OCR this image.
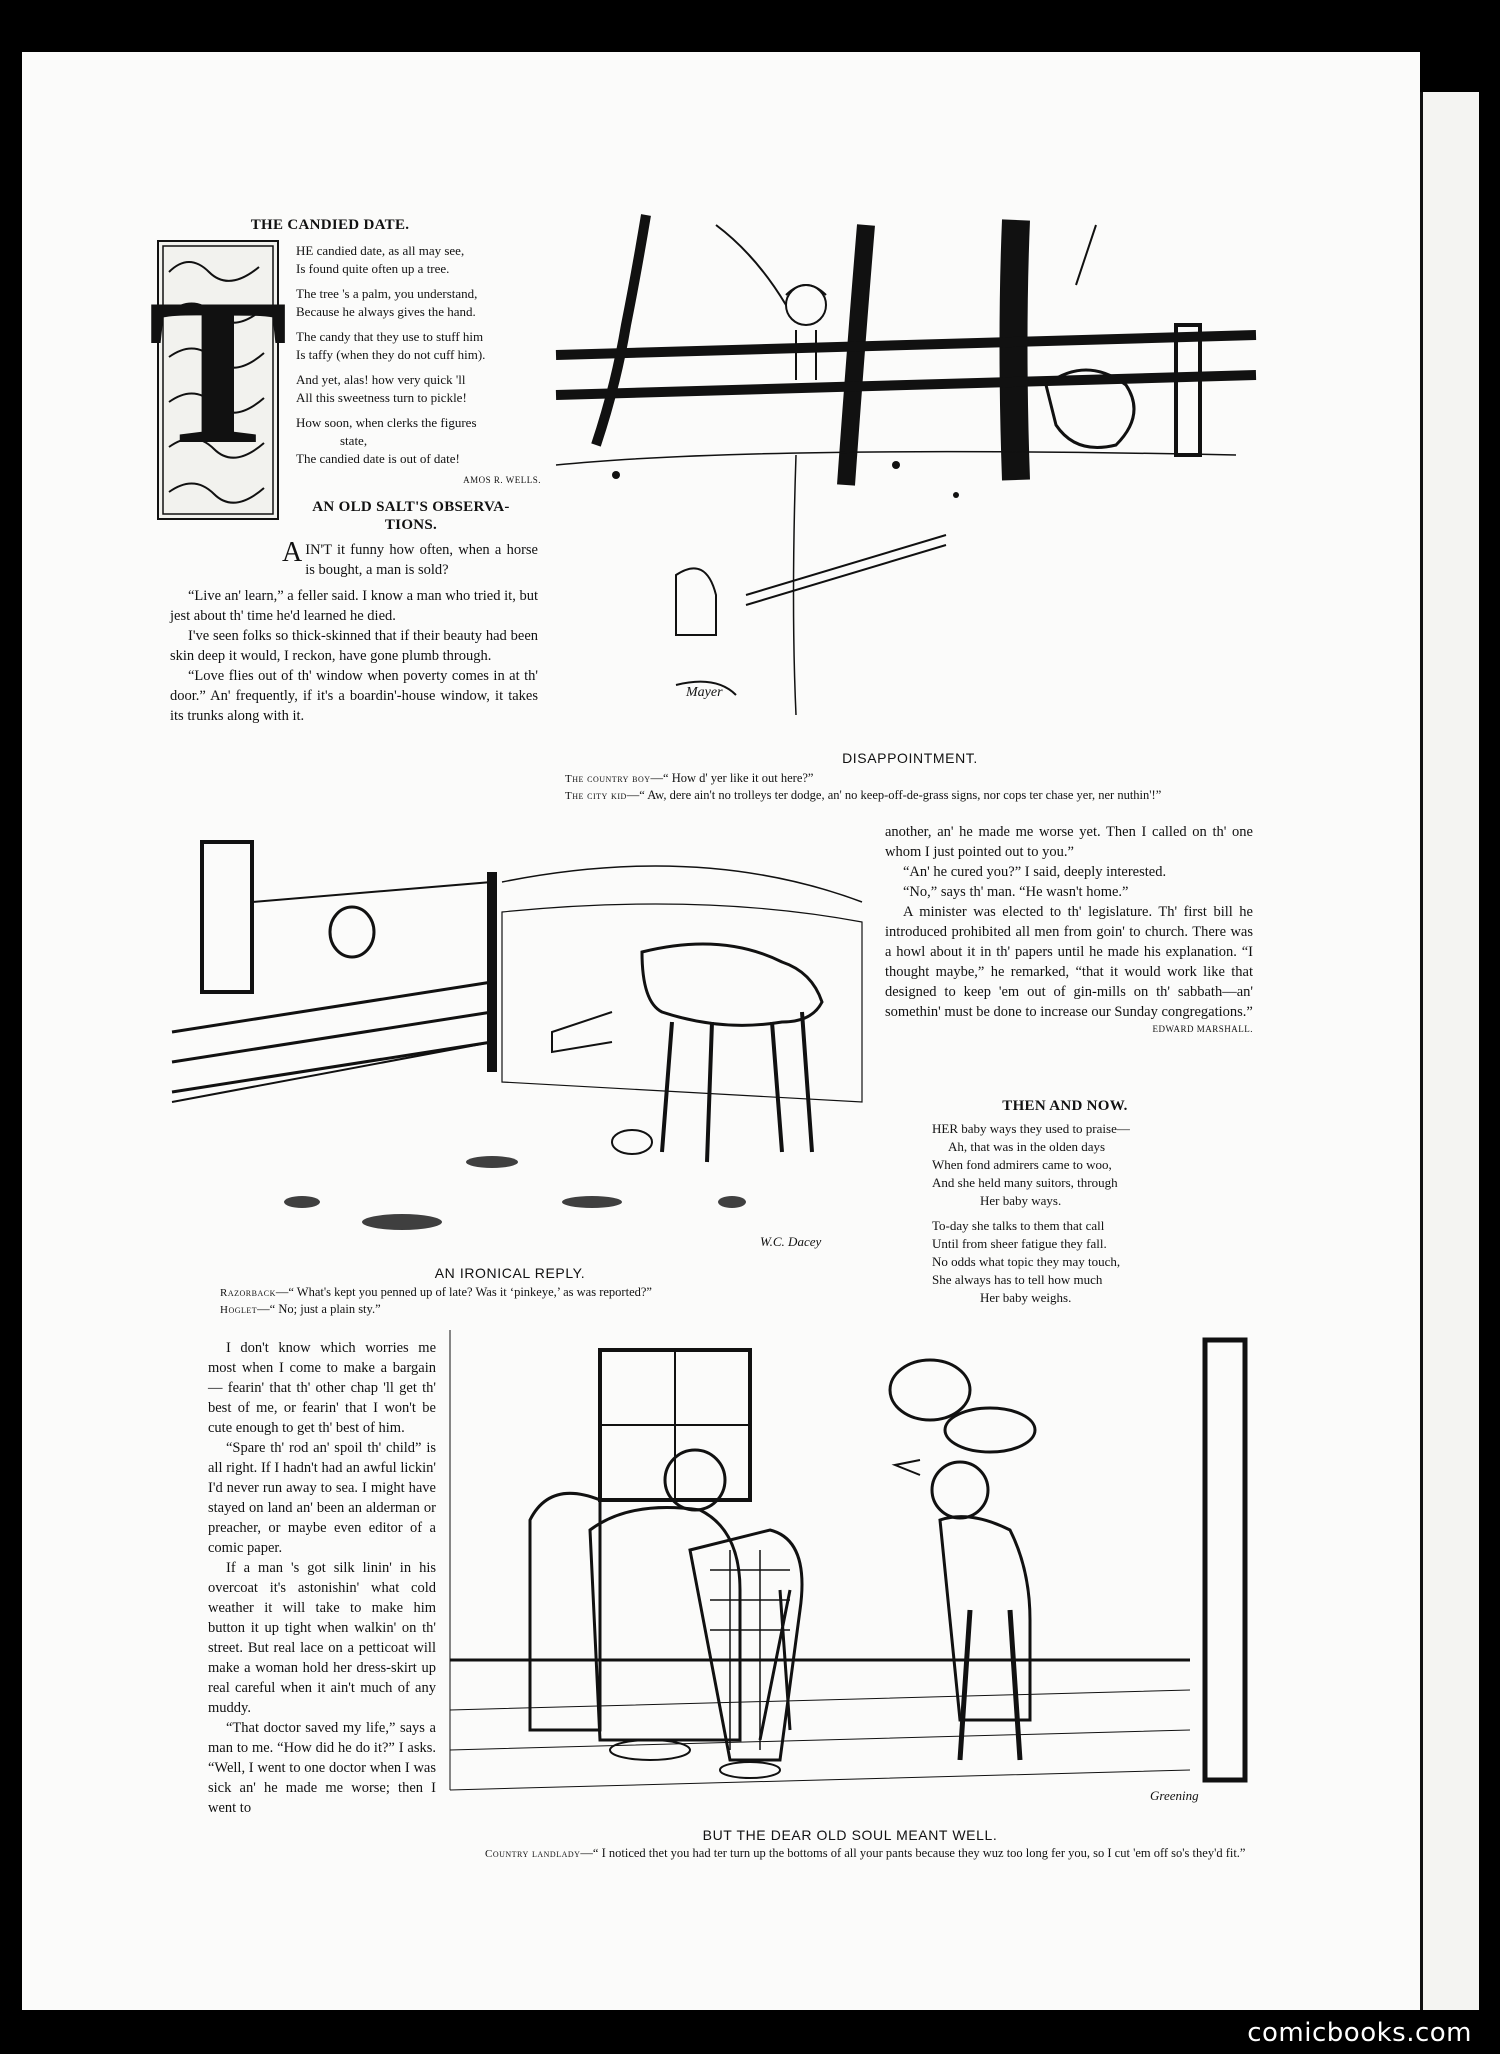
THE CANDIED DATE.
T

HE candied date, as all may see,

Is found quite often up a tree.

The tree 's a palm, you understand,
Because he always gives the hand.

The candy that they use to stuff him
Is taffy (when they do not cuff him).

And yet, alas! how very quick 'll
All this sweetness turn to pickle!

How soon, when clerks the figures
state,
The candied date is out of date!

AMOS R. WELLS.
AN OLD SALT'S OBSERVA-
TIONS.

AIN'T it funny how often, when a horse is bought, a man is sold?

“Live an' learn,” a feller said. I know a man who tried it, but jest about th' time he'd learned he died.

I've seen folks so thick-skinned that if their beauty had been skin deep it would, I reckon, have gone plumb through.

“Love flies out of th' window when poverty comes in at th' door.” An' frequently, if it's a boardin'-house window, it takes its trunks along with it.

Mayer
DISAPPOINTMENT.
The country boy—“ How d' yer like it out here?”
The city kid—“ Aw, dere ain't no trolleys ter dodge, an' no keep-off-de-grass signs, nor cops ter chase yer, ner nuthin'!”
W.C. Dacey
AN IRONICAL REPLY.
Razorback—“ What's kept you penned up of late? Was it ‘pinkeye,’ as was reported?”
Hoglet—“ No; just a plain sty.”

another, an' he made me worse yet. Then I called on th' one whom I just pointed out to you.”

“An' he cured you?” I said, deeply interested.

“No,” says th' man. “He wasn't home.”

A minister was elected to th' legislature. Th' first bill he introduced prohibited all men from goin' to church. There was a howl about it in th' papers until he made his explanation. “I thought maybe,” he remarked, “that it would work like that designed to keep 'em out of gin-mills on th' sabbath—an' somethin' must be done to increase our Sunday congregations.”

EDWARD MARSHALL.
THEN AND NOW.

HER baby ways they used to praise—
Ah, that was in the olden days
When fond admirers came to woo,
And she held many suitors, through
Her baby ways.

To-day she talks to them that call
Until from sheer fatigue they fall.
No odds what topic they may touch,
She always has to tell how much
Her baby weighs.

I don't know which worries me most when I come to make a bargain — fearin' that th' other chap 'll get th' best of me, or fearin' that I won't be cute enough to get th' best of him.

“Spare th' rod an' spoil th' child” is all right. If I hadn't had an awful lickin' I'd never run away to sea. I might have stayed on land an' been an alderman or preacher, or maybe even editor of a comic paper.

If a man 's got silk linin' in his overcoat it's astonishin' what cold weather it will take to make him button it up tight when walkin' on th' street. But real lace on a petticoat will make a woman hold her dress-skirt up real careful when it ain't much of any muddy.

“That doctor saved my life,” says a man to me. “How did he do it?” I asks. “Well, I went to one doctor when I was sick an' he made me worse; then I went to

Greening
BUT THE DEAR OLD SOUL MEANT WELL.
Country landlady—“ I noticed thet you had ter turn up the bottoms of all your pants because they wuz too long fer you, so I cut 'em off so's they'd fit.”
comicbooks.com
